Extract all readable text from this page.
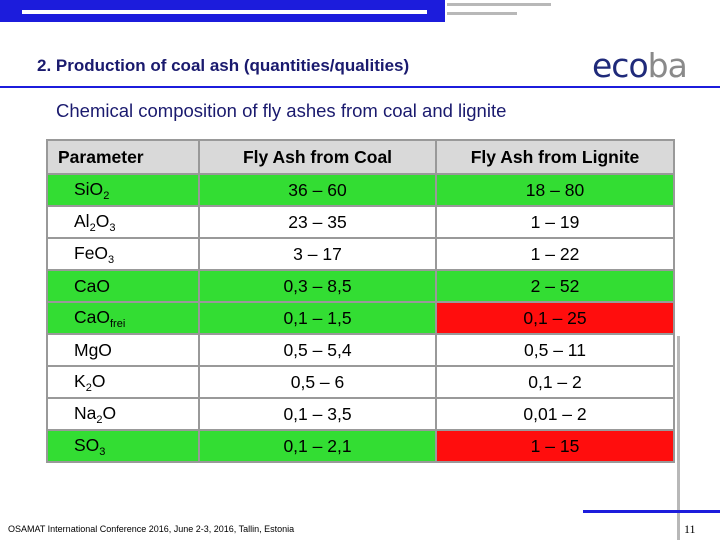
2. Production of coal ash (quantities/qualities)	ecoba
Chemical composition of fly ashes from coal and lignite
Parameter	Fly Ash from Coal	Fly Ash from Lignite
SiO$_2$	36 – 60	18 – 80
$Al_2O_3$	23 – 35	1 – 19
FeO$_3$	3 – 17	1 – 22
CaO	0,3 – 8,5	2 – 52
CaO$_{frei}$	0,1 – 1,5	0,1 – 25
MgO	0,5 – 5,4	0,5 – 11
$K_2O$	0,5 – 6	0,1 – 2
$Na_2O$	0,1 – 3,5	0,01 – 2
$SO_3$	0,1 – 2,1	1 – 15
OSAMAT International Conference 2016, June 2-3, 2016, Tallin, Estonia	11
